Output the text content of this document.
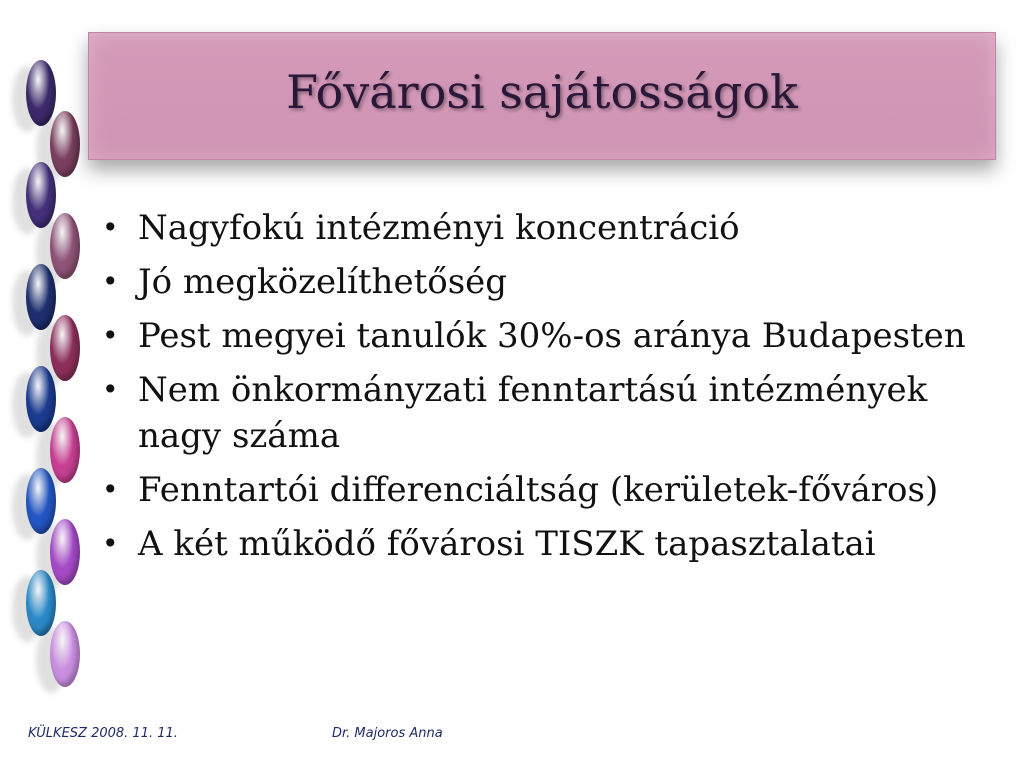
Fővárosi sajátosságok
• Nagyfokú intézményi koncentráció
• Jó megközelíthetőség
• Pest megyei tanulók 30%-os aránya Budapesten
• Nem önkormányzati fenntartású intézmények nagy száma
• Fenntartói differenciáltság (kerületek-főváros)
• A két működő fővárosi TISZK tapasztalatai
KÜLKESZ 2008. 11. 11.	Dr. Majoros Anna
